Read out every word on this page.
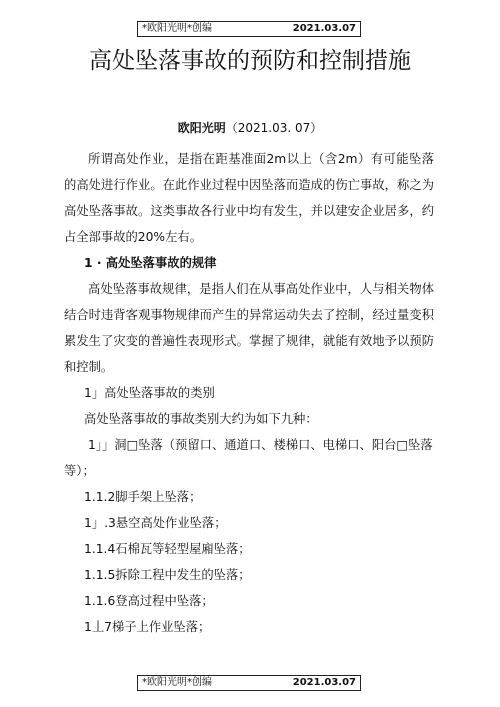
*欧阳光明*创编	2021.03.07
高处坠落事故的预防和控制措施
欧阳光明（2021.03. 07）

所谓高处作业，是指在距基准面2m以上（含2m）有可能坠落的高处进行作业。在此作业过程中因坠落而造成的伤亡事故，称之为高处坠落事故。这类事故各行业中均有发生，并以建安企业居多，约占全部事故的20%左右。

1 · 高处坠落事故的规律

高处坠落事故规律，是指人们在从事高处作业中，人与相关物体结合时违背客观事物规律而产生的异常运动失去了控制，经过量变积累发生了灾变的普遍性表现形式。掌握了规律，就能有效地予以预防和控制。

1」高处坠落事故的类别

高处坠落事故的事故类别大约为如下九种：

1」」洞□坠落（预留口、通道口、楼梯口、电梯口、阳台□坠落等）；

1.1.2脚手架上坠落；

1」.3悬空高处作业坠落；

1.1.4石棉瓦等轻型屋廂坠落；

1.1.5拆除工程中发生的坠落；

1.1.6登高过程中坠落；

1丄7梯子上作业坠落；

*欧阳光明*创编	2021.03.07
